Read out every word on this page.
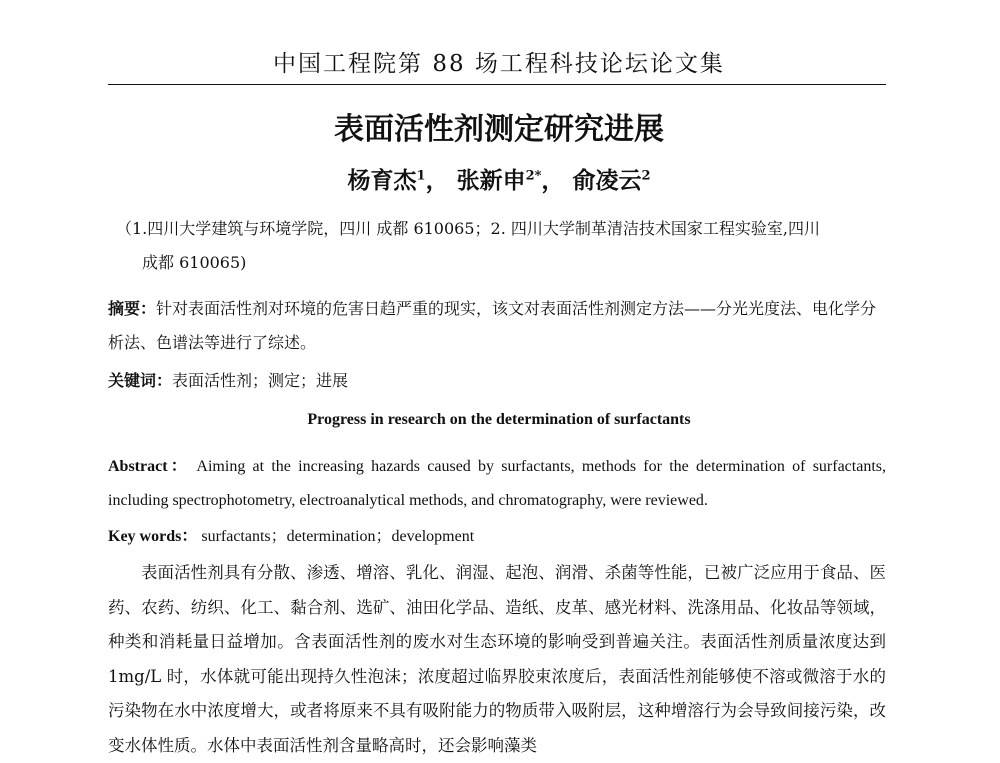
中国工程院第 88 场工程科技论坛论文集
表面活性剂测定研究进展
杨育杰$^1$， 张新申$^{2*}$， 俞凌云$^2$
（1.四川大学建筑与环境学院，四川 成都 610065；2. 四川大学制革清洁技术国家工程实验室,四川
成都 610065)
摘要：针对表面活性剂对环境的危害日趋严重的现实，该文对表面活性剂测定方法——分光光度法、电化学分析法、色谱法等进行了综述。
关键词：表面活性剂；测定；进展
Progress in research on the determination of surfactants
Abstract： Aiming at the increasing hazards caused by surfactants, methods for the determination of surfactants, including spectrophotometry, electroanalytical methods, and chromatography, were reviewed.
Key words： surfactants；determination；development
表面活性剂具有分散、渗透、增溶、乳化、润湿、起泡、润滑、杀菌等性能，已被广泛应用于食品、医药、农药、纺织、化工、黏合剂、选矿、油田化学品、造纸、皮革、感光材料、洗涤用品、化妆品等领域，种类和消耗量日益增加。含表面活性剂的废水对生态环境的影响受到普遍关注。表面活性剂质量浓度达到 1mg/L 时，水体就可能出现持久性泡沫；浓度超过临界胶束浓度后，表面活性剂能够使不溶或微溶于水的污染物在水中浓度增大，或者将原来不具有吸附能力的物质带入吸附层，这种增溶行为会导致间接污染，改变水体性质。水体中表面活性剂含量略高时，还会影响藻类
